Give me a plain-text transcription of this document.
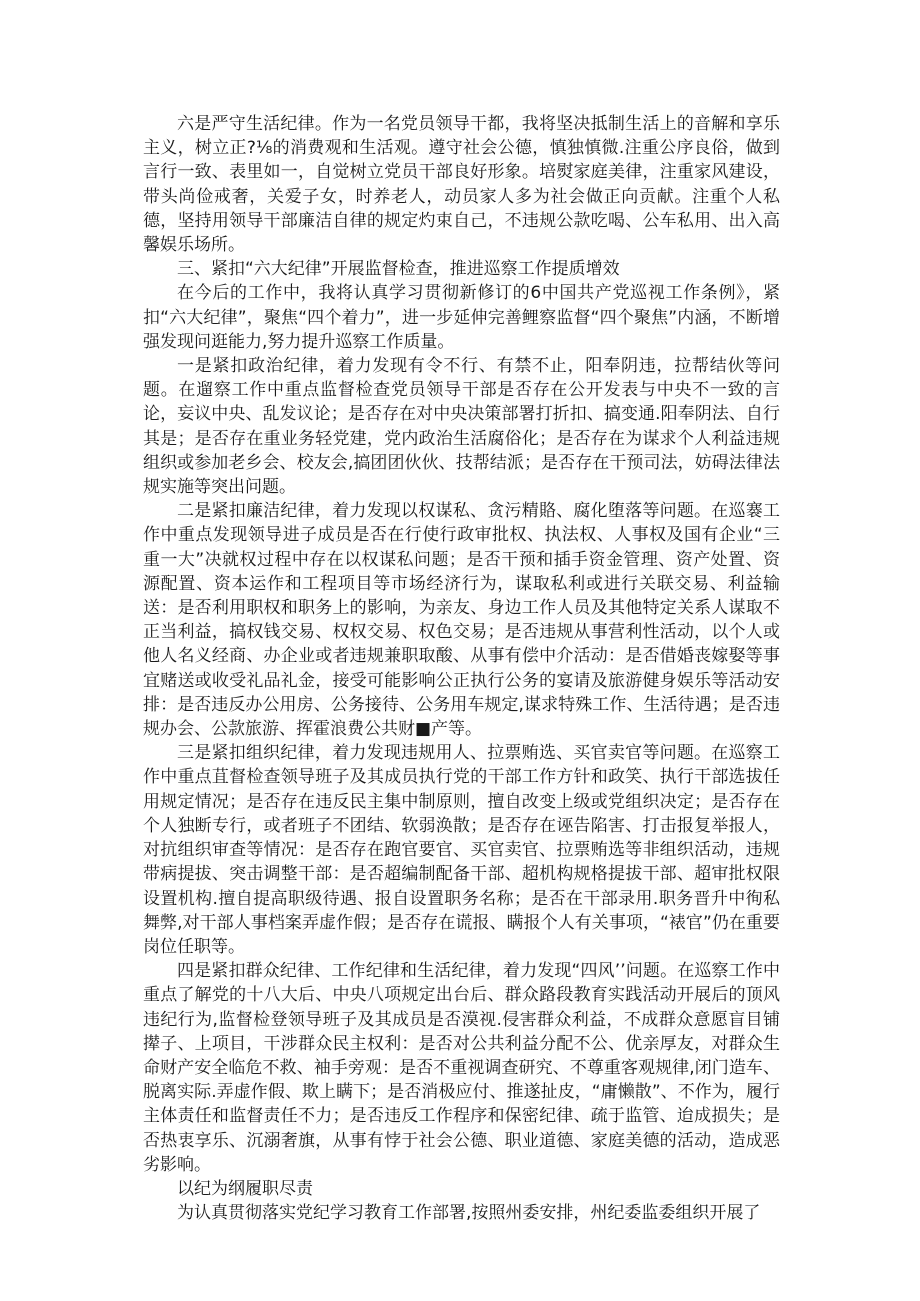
六是严守生活纪律。作为一名党员领导干都，我将坚决抵制生活上的音解和享乐主义，树立正?⅛的消费观和生活观。遵守社会公德，慎独慎微.注重公序良俗，做到言行一致、表里如一，自觉树立党员干部良好形象。培熨家庭美律，注重家风建设，带头尚俭戒奢，关爱子女，时养老人，动员家人多为社会做正向贡献。注重个人私德，坚持用领导干部廉洁自律的规定灼束自己，不违规公款吃喝、公车私用、出入高馨娱乐场所。

三、紧扣“六大纪律”开展监督检查，推进巡察工作提质增效

在今后的工作中，我将认真学习贯彻新修订的6中国共产党巡视工作条例》，紧扣“六大纪律”，聚焦“四个着力”，进一步延伸完善鲤察监督“四个聚焦”内涵，不断增强发现问逛能力,努力提升巡察工作质量。

一是紧扣政治纪律，着力发现有令不行、有禁不止，阳奉阴违，拉帮结伙等问题。在遛察工作中重点监督检查党员领导干部是否存在公开发表与中央不一致的言论，妄议中央、乱发议论；是否存在对中央决策部署打折扣、搞变通.阳奉阴法、自行其是；是否存在重业务轻党建，党内政治生活腐俗化；是否存在为谋求个人利益违规组织或参加老乡会、校友会,搞团团伙伙、技帮结派；是否存在干预司法，妨碍法律法规实施等突出问题。

二是紧扣廉洁纪律，着力发现以权谋私、贪污精賂、腐化堕落等问题。在巡褰工作中重点发现领导进子成员是否在行使行政审批权、执法权、人事权及国有企业“三重一大”决就权过程中存在以权谋私问题；是否干预和插手资金管理、资产处置、资源配置、资本运作和工程项目等市场经济行为，谋取私利或进行关联交易、利益输送：是否利用职权和职务上的影响，为亲友、身边工作人员及其他特定关系人谋取不正当利益，搞权钱交易、权权交易、权色交易；是否违规从事营利性活动，以个人或他人名义经商、办企业或者违规兼职取酸、从事有偿中介活动：是否借婚丧嫁娶等事宜赌送或收受礼品礼金，接受可能影响公正执行公务的宴请及旅游健身娱乐等活动安排：是否违反办公用房、公务接待、公务用车规定,谋求特殊工作、生活待遇；是否违规办会、公款旅游、挥霍浪费公共财■产等。

三是紧扣组织纪律，着力发现违规用人、拉票贿选、买官卖官等问题。在巡察工作中重点苴督检查领导班子及其成员执行党的干部工作方针和政笑、执行干部选拔任用规定情况；是否存在违反民主集中制原则，擅自改变上级或党组织决定；是否存在个人独断专行，或者班子不团结、软弱涣散；是否存在诬告陷害、打击报复举报人，对抗组织审查等情况：是否存在跑官要官、买官卖官、拉票贿选等非组织活动，违规带病提拔、突击调整干部：是否超编制配备干部、超机构规格提拔干部、超审批权限设置机构.擅自提高职级待遇、报自设置职务名称；是否在干部录用.职务晋升中徇私舞弊,对干部人事档案弄虚作假；是否存在谎报、瞒报个人有关事项，“裱官”仍在重要岗位任职等。

四是紧扣群众纪律、工作纪律和生活纪律，着力发现“四风’’问题。在巡察工作中重点了解党的十八大后、中央八项规定出台后、群众路段教育实践活动开展后的顶风违纪行为,监督检登领导班子及其成员是否漠视.侵害群众利益，不成群众意愿盲目铺撵子、上项目，干涉群众民主权利：是否对公共利益分配不公、优亲厚友，对群众生命财产安全临危不救、袖手旁观：是否不重视调查研究、不尊重客观规律,闭门造车、脱离实际.弄虚作假、欺上瞒下；是否消极应付、推遂扯皮，“庸懒散”、不作为，履行主体责任和监督责任不力；是否违反工作程序和保密纪律、疏于监管、迨成损失；是否热衷享乐、沉溺奢旗，从事有悖于社会公德、职业道德、家庭美德的活动，造成恶劣影响。

以纪为纲履职尽责

为认真贯彻落实党纪学习教育工作部署,按照州委安排，州纪委监委组织开展了
